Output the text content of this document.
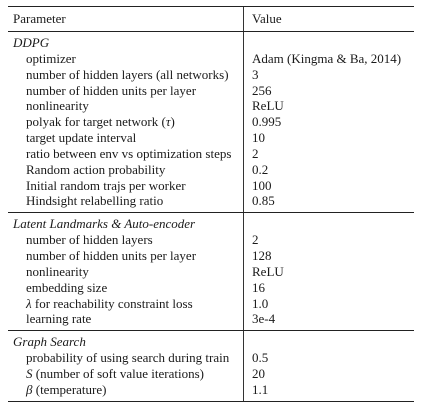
Parameter	Value
DDPG
optimizer	Adam (Kingma & Ba, 2014)
number of hidden layers (all networks)	3
number of hidden units per layer	256
nonlinearity	ReLU
polyak for target network (τ)	0.995
target update interval	10
ratio between env vs optimization steps	2
Random action probability	0.2
Initial random trajs per worker	100
Hindsight relabelling ratio	0.85
Latent Landmarks & Auto-encoder
number of hidden layers	2
number of hidden units per layer	128
nonlinearity	ReLU
embedding size	16
λ for reachability constraint loss	1.0
learning rate	3e-4
Graph Search
probability of using search during train	0.5
S (number of soft value iterations)	20
β (temperature)	1.1
